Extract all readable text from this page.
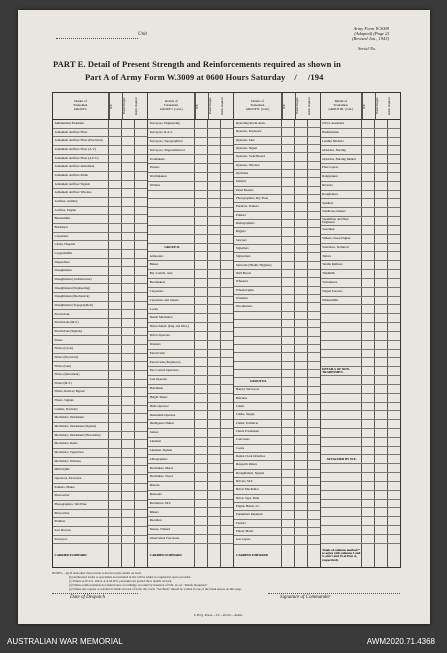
Unit
Army Form W.3009
(Adapted) (Page 2)
(Revised Jan., 1943)
Serial No.
PART E. Detail of Present Strength and Reinforcements required as shown in
Part A of Army Form W.3009 at 0600 Hours Saturday / /194
Details of
Tradesmen.
GROUP I.
W.E.	Posted Strength	Reinfs. Required
Ammunition Examiner
Armament Artificer Fitter
Armament Artificer Fitter (Electrical)
Armament Artificer Fitter (A.V.)
Armament Artificer Fitter (A.F.V.)
Armament Artificer Instrument
Armament Artificer Radio
Armament Artificer Signals
Armament Artificer Wireless
Artificer, Artillery
Artificer, Engine
Blacksmiths
Bricklayer
Carpenters
Clerks, Hospital
Coppersmiths
Diepatchers
Draughtsmen
Draughtsman (Architectural)
Draughtsman (Engineering)
Draughtsman (Mechanical)
Draughtsman (Topographical)
Electricians
Electricians (M.T.)
Electricians (Signals)
Fitters
Fitters (Cycle)
Fitters (Electrical)
Fitters (Gun)
Fitters (Instrument)
Fitters (M.T.)
Fitters, Railway Bypass
Fitters, Signals
Grinder, Precision
Mechanics, Instrument
Mechanics, Instrument (Signals)
Mechanics, Instrument (Theodolite)
Mechanics, Radio
Mechanics, Typewriter
Mechanics, Wireless
Millwrights
Operators, Excavator
Painters, Maker
Photowriter
Photographers, Wet Plate
Photowriter
Plumber
Saw Doctors
Surveyors
CARRIED FORWARD
Details of
Tradesmen.
GROUP I. (cont.)
W.E.	Posted Strength	Reinfs. Required
Surveyors, Engineering
Surveyors, R.A.S.
Surveyors, Topographical
Surveyors, Trigonometrical
Toolmakers
Turners
Watchmakers
Welders
GROUP II.
Armourers
Bakers
Bty. Comd's. Asst.
Bootmakers
Carpenters
Carpenters and Joiners
Cooks
Dental Mechanics
Driver-Mech. (Eng. and Mcd.)
Driver-Operator
Drainers
Electricians
Electricians (Engineers)
Fire Control Operators
Gun Operator
Hutchman
Height Takers
Hulls Operator
Instrument Operator
Intelligence Duties
Joiners
Linemen
Linemen, Signals
Lithographers
Machinists, Metal
Machinists, Wood
Masons
Masseurs
Mechanics, M.T.
Miners
Moulders
Nurses, Trained
Observation Post Assts.
CARRIED FORWARD
Details of
Tradesmen.
GROUP II. (cont.)
W.E.	Posted Strength	Reinfs. Required
Operating Room Assts.
Operator, Keyboard
Operator, Line
Operator, Signal
Operator, Switchboard
Operator, Wireless
Opticians
Painters
Panel Beaters
Photographers, Dry Plate
Predictor Trainers
Printers
Radiographers
Riggers
Sawyers
Signallers
Signwriters
Stewards (Health, Hygiene)
Wall Borers
Wheelers
Wheelwrights
Wiremen
Woodturners
GROUP III.
Battery Surveyors
Butchers
Clerks
Clerks, Supply
Clerks, Technical
Check Tradesmen
Concreters
Cooks
Dental Clerk Orderlies
Despatch Riders
Draughtsmen, Signals
Drivers, M.T.
Driver Mechanics
Driver Typs. Plant
Engine Hands, I.C.
Equipment Repairers
Farriers
Fitters' Mates
Gas Layers
CARRIED FORWARD
Details of
Tradesmen.
GROUP III. (cont.)
W.E.	Posted Strength	Reinfs. Required
O.P.O. Assistants
Hammermen
Leather Stitchers
Orderlies, Nursing
Orderlies, Nursing Mental
Plate Layers
Rangetakers
Riveters
Roughriders
Saddlers
Saddletree makers
Steamfitter and Heat Engineers
Storemen
Sinkers, Steep Engine
Stretchers, Technical
Tailors
Textile Refitters
Tinsmiths
Vulcanizers
Wagon Erectors
Whitesmiths
DETAILS OF NON-TRADESMEN.
ATTACHED BY W.E.
Totals of columns marked * to agree with columns 4 and 5, and 1 and 15 of Part A, respectively.
NOTES.—(a) If rank other than private is involved give details on back.
(b) Authorised trades or specialists not included in list will be added as required in space provided.
(c) Where A.W.A.S. and/or A.A.M.W.S. personnel are posted show details on back.
(d) Where reinforcements not desired note accordingly on return by insertion of N.R. in col. "Reinfs. Required."
(e) Where any request or notation is made on back of form, the words "See Back" should be written in one of the blank spaces on this page.
Date of Despatch	Signature of Commander
L.H.Q. Press—15—10/43—424m.
AUSTRALIAN WAR MEMORIAL	AWM2020.71.4368
